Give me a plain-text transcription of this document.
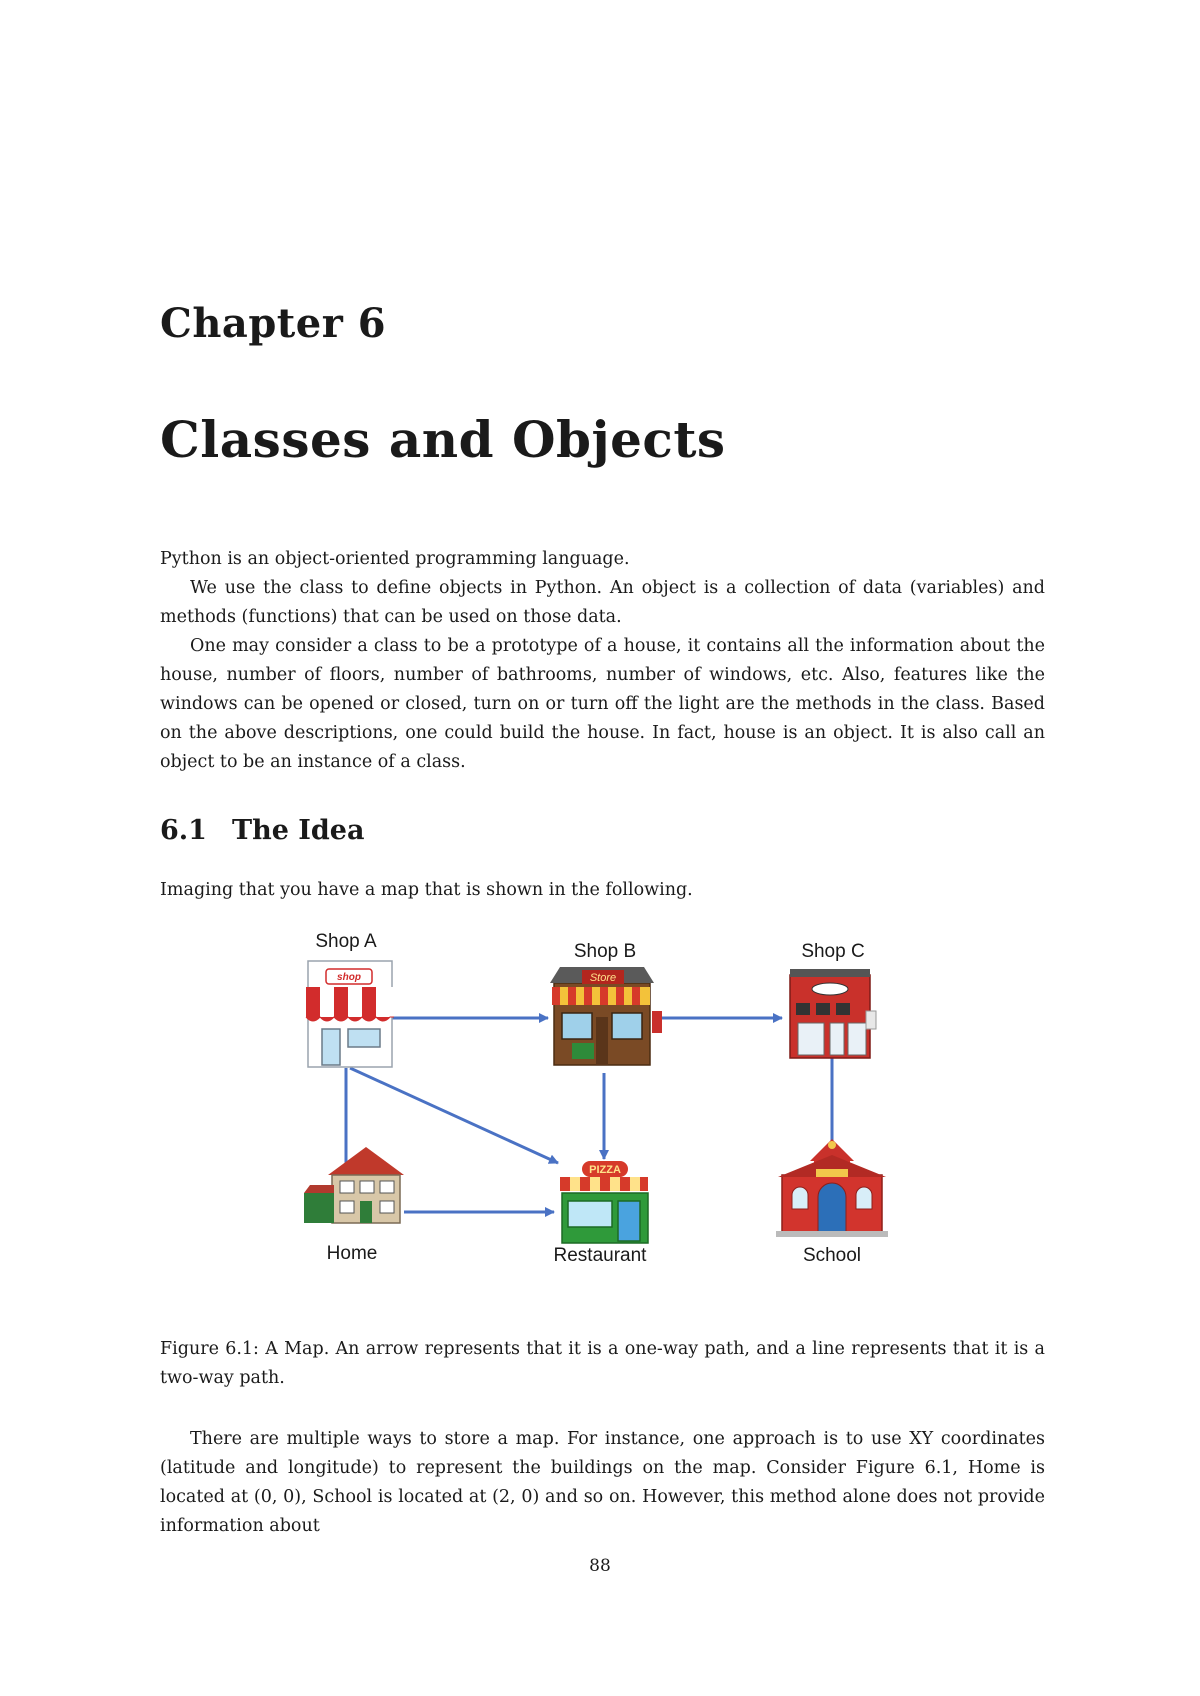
Chapter 6
Classes and Objects

Python is an object-oriented programming language.

We use the class to define objects in Python. An object is a collection of data (variables) and methods (functions) that can be used on those data.

One may consider a class to be a prototype of a house, it contains all the information about the house, number of floors, number of bathrooms, number of windows, etc. Also, features like the windows can be opened or closed, turn on or turn off the light are the methods in the class. Based on the above descriptions, one could build the house. In fact, house is an object. It is also call an object to be an instance of a class.

6.1 The Idea
Imaging that you have a map that is shown in the following.
shop
Shop A
Store
Shop B	Shop C
Home
PIZZA
Restaurant	School
Figure 6.1: A Map. An arrow represents that it is a one-way path, and a line represents that it is a two-way path.

There are multiple ways to store a map. For instance, one approach is to use XY coordinates (latitude and longitude) to represent the buildings on the map. Consider Figure 6.1, Home is located at (0, 0), School is located at (2, 0) and so on. However, this method alone does not provide information about

88
